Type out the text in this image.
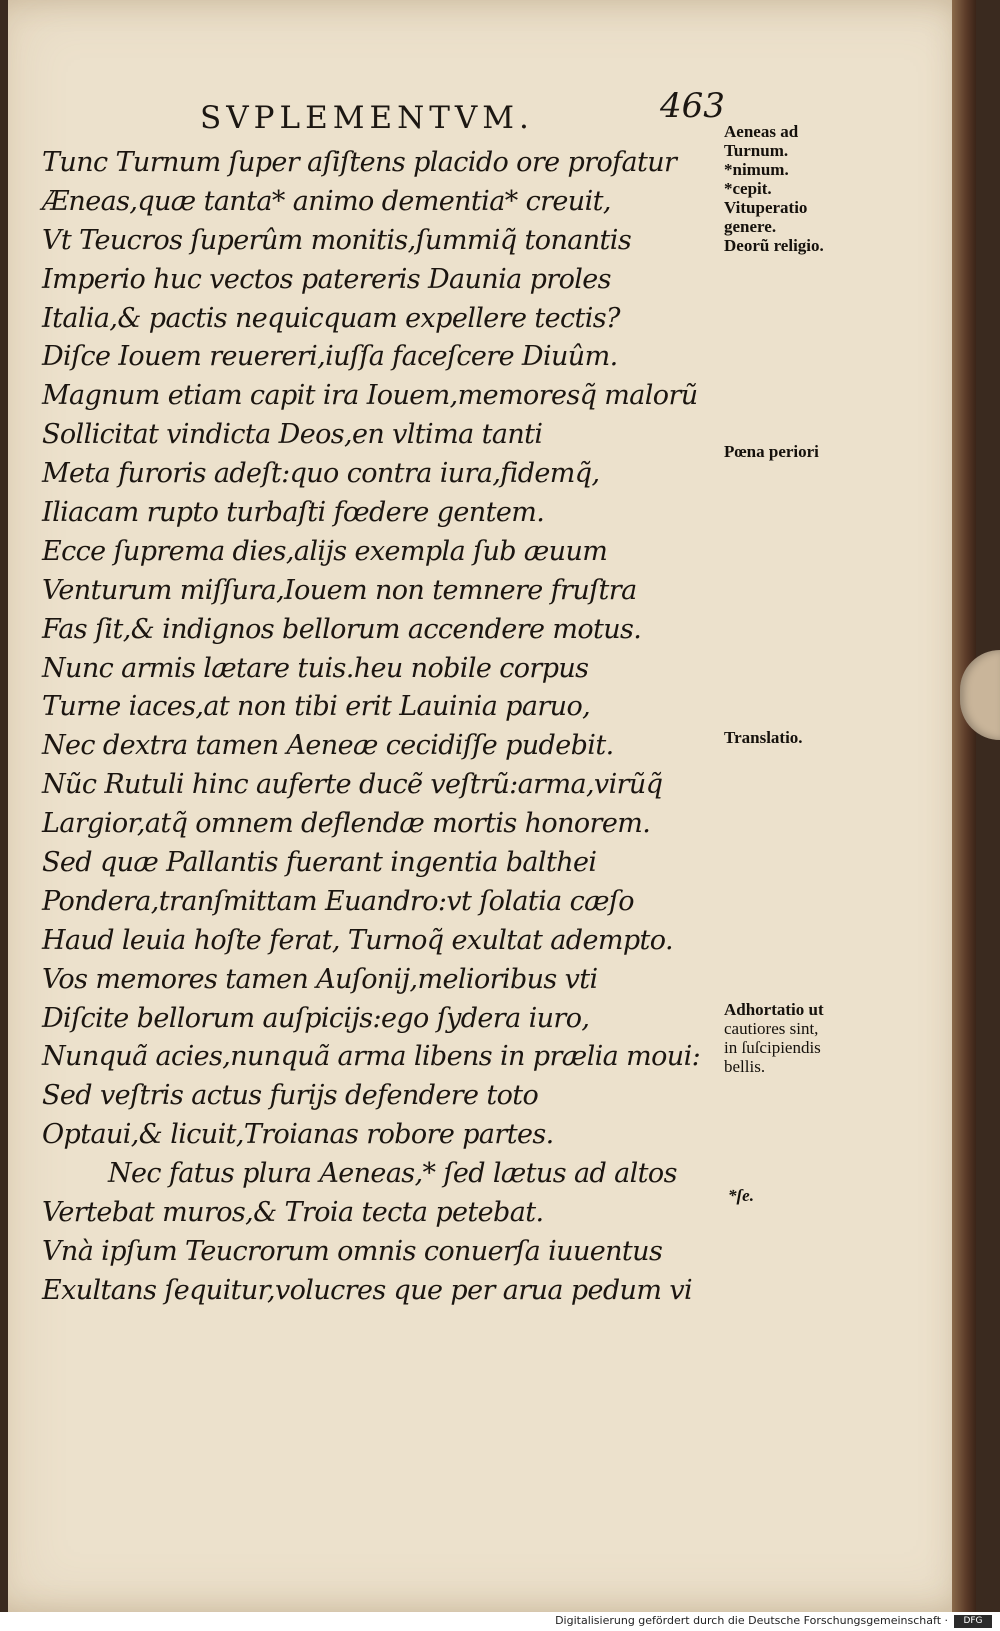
SVPLEMENTVM.	463
Tunc Turnum ſuper aſiſtens placido ore profatur
Æneas,quæ tanta* animo dementia* creuit,
Vt Teucros ſuperûm monitis,ſummiq̃ tonantis
Imperio huc vectos patereris Daunia proles
Italia,& pactis nequicquam expellere tectis?
Diſce Iouem reuereri,iuſſa faceſcere Diuûm.
Magnum etiam capit ira Iouem,memoresq̃ malorũ
Sollicitat vindicta Deos,en vltima tanti
Meta furoris adeſt:quo contra iura,fidemq̃,
Iliacam rupto turbaſti fœdere gentem.
Ecce ſuprema dies,alijs exempla ſub æuum
Venturum miſſura,Iouem non temnere fruſtra
Fas ſit,& indignos bellorum accendere motus.
Nunc armis lætare tuis.heu nobile corpus
Turne iaces,at non tibi erit Lauinia paruo,
Nec dextra tamen Aeneæ cecidiſſe pudebit.
Nũc Rutuli hinc auferte ducẽ veſtrũ:arma,virũq̃
Largior,atq̃ omnem deflendæ mortis honorem.
Sed quæ Pallantis fuerant ingentia balthei
Pondera,tranſmittam Euandro:vt ſolatia cæſo
Haud leuia hoſte ferat, Turnoq̃ exultat adempto.
Vos memores tamen Auſonij,melioribus vti
Diſcite bellorum auſpicijs:ego ſydera iuro,
Nunquã acies,nunquã arma libens in prælia moui:
Sed veſtris actus furijs defendere toto
Optaui,& licuit,Troianas robore partes.
Nec fatus plura Aeneas,* ſed lætus ad altos
Vertebat muros,& Troia tecta petebat.
Vnà ipſum Teucrorum omnis conuerſa iuuentus
Exultans ſequitur,volucres que per arua pedum vi
Aeneas ad
Turnum.
*nimum.
*cepit.
Vituperatio
genere.
Deorũ religio.
Pœna periori
Translatio.
Adhortatio ut
cautiores sint,
in ſuſcipiendis
bellis.
*ſe.
Digitalisierung gefördert durch die Deutsche Forschungsgemeinschaft ·	DFG
